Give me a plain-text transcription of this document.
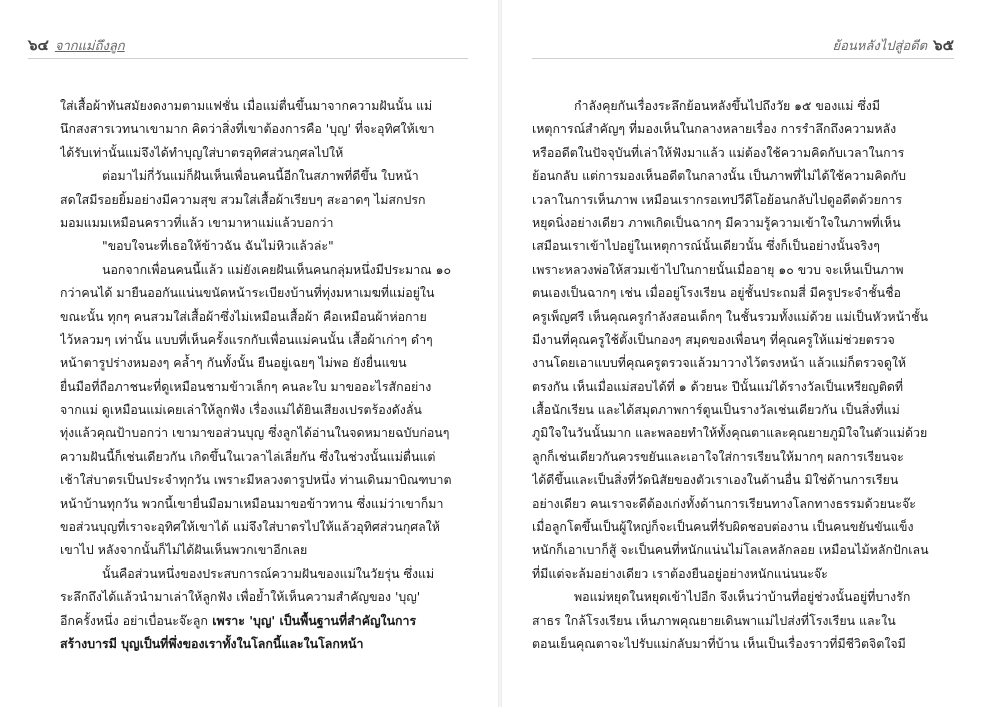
๖๔ จากแม่ถึงลูก
ใส่เสื้อผ้าทันสมัยงดงามตามแฟชั่น เมื่อแม่ตื่นขึ้นมาจากความฝันนั้น แม่
นึกสงสารเวทนาเขามาก คิดว่าสิ่งที่เขาต้องการคือ 'บุญ' ที่จะอุทิศให้เขา
ได้รับเท่านั้นแม่จึงได้ทำบุญใส่บาตรอุทิศส่วนกุศลไปให้
ต่อมาไม่กี่วันแม่ก็ฝันเห็นเพื่อนคนนี้อีกในสภาพที่ดีขึ้น ใบหน้า
สดใสมีรอยยิ้มอย่างมีความสุข สวมใส่เสื้อผ้าเรียบๆ สะอาดๆ ไม่สกปรก
มอมแมมเหมือนคราวที่แล้ว เขามาหาแม่แล้วบอกว่า
"ขอบใจนะที่เธอให้ข้าวฉัน ฉันไม่หิวแล้วล่ะ"
นอกจากเพื่อนคนนี้แล้ว แม่ยังเคยฝันเห็นคนกลุ่มหนึ่งมีประมาณ ๑๐
กว่าคนได้ มายืนออกันแน่นขนัดหน้าระเบียงบ้านที่ทุ่งมหาเมฆที่แม่อยู่ใน
ขณะนั้น ทุกๆ คนสวมใส่เสื้อผ้าซึ่งไม่เหมือนเสื้อผ้า คือเหมือนผ้าห่อกาย
ไว้หลวมๆ เท่านั้น แบบที่เห็นครั้งแรกกับเพื่อนแม่คนนั้น เสื้อผ้าเก่าๆ ดำๆ
หน้าตารูปร่างหมองๆ คล้ำๆ กันทั้งนั้น ยืนอยู่เฉยๆ ไม่พอ ยังยื่นแขน
ยื่นมือที่ถือภาชนะที่ดูเหมือนชามข้าวเล็กๆ คนละใบ มาขออะไรสักอย่าง
จากแม่ ดูเหมือนแม่เคยเล่าให้ลูกฟัง เรื่องแม่ได้ยินเสียงเปรตร้องดังลั่น
ทุ่งแล้วคุณป้าบอกว่า เขามาขอส่วนบุญ ซึ่งลูกได้อ่านในจดหมายฉบับก่อนๆ
ความฝันนี้ก็เช่นเดียวกัน เกิดขึ้นในเวลาไล่เลี่ยกัน ซึ่งในช่วงนั้นแม่ตื่นแต่
เช้าใส่บาตรเป็นประจำทุกวัน เพราะมีหลวงตารูปหนึ่ง ท่านเดินมาบิณฑบาต
หน้าบ้านทุกวัน พวกนี้เขายื่นมือมาเหมือนมาขอข้าวทาน ซึ่งแม่ว่าเขาก็มา
ขอส่วนบุญที่เราจะอุทิศให้เขาได้ แม่จึงใส่บาตรไปให้แล้วอุทิศส่วนกุศลให้
เขาไป หลังจากนั้นก็ไม่ได้ฝันเห็นพวกเขาอีกเลย
นั้นคือส่วนหนึ่งของประสบการณ์ความฝันของแม่ในวัยรุ่น ซึ่งแม่
ระลึกถึงได้แล้วนำมาเล่าให้ลูกฟัง เพื่อย้ำให้เห็นความสำคัญของ 'บุญ'
อีกครั้งหนึ่ง อย่าเบื่อนะจ๊ะลูก เพราะ 'บุญ' เป็นพื้นฐานที่สำคัญในการ
สร้างบารมี บุญเป็นที่พึ่งของเราทั้งในโลกนี้และในโลกหน้า
ย้อนหลังไปสู่อดีต ๖๕
กำลังคุยกันเรื่องระลึกย้อนหลังขึ้นไปถึงวัย ๑๕ ของแม่ ซึ่งมี
เหตุการณ์สำคัญๆ ที่มองเห็นในกลางหลายเรื่อง การรำลึกถึงความหลัง
หรืออดีตในปัจจุบันที่เล่าให้ฟังมาแล้ว แม่ต้องใช้ความคิดกับเวลาในการ
ย้อนกลับ แต่การมองเห็นอดีตในกลางนั้น เป็นภาพที่ไม่ได้ใช้ความคิดกับ
เวลาในการเห็นภาพ เหมือนเรากรอเทปวีดีโอย้อนกลับไปดูอดีตด้วยการ
หยุดนิ่งอย่างเดียว ภาพเกิดเป็นฉากๆ มีความรู้ความเข้าใจในภาพที่เห็น
เสมือนเราเข้าไปอยู่ในเหตุการณ์นั้นเดียวนั้น ซึ่งก็เป็นอย่างนั้นจริงๆ
เพราะหลวงพ่อให้สวมเข้าไปในกายนั้นเมื่ออายุ ๑๐ ขวบ จะเห็นเป็นภาพ
ตนเองเป็นฉากๆ เช่น เมื่ออยู่โรงเรียน อยู่ชั้นประถมสี่ มีครูประจำชั้นชื่อ
ครูเพ็ญศรี เห็นคุณครูกำลังสอนเด็กๆ ในชั้นรวมทั้งแม่ด้วย แม่เป็นหัวหน้าชั้น
มีงานที่คุณครูใช้ตั้งเป็นกองๆ สมุดของเพื่อนๆ ที่คุณครูให้แม่ช่วยตรวจ
งานโดยเอาแบบที่คุณครูตรวจแล้วมาวางไว้ตรงหน้า แล้วแม่ก็ตรวจดูให้
ตรงกัน เห็นเมื่อแม่สอบได้ที่ ๑ ด้วยนะ ปีนั้นแม่ได้รางวัลเป็นเหรียญติดที่
เสื้อนักเรียน และได้สมุดภาพการ์ตูนเป็นรางวัลเช่นเดียวกัน เป็นสิ่งที่แม่
ภูมิใจในวันนั้นมาก และพลอยทำให้ทั้งคุณตาและคุณยายภูมิใจในตัวแม่ด้วย
ลูกก็เช่นเดียวกันควรขยันและเอาใจใส่การเรียนให้มากๆ ผลการเรียนจะ
ได้ดีขึ้นและเป็นสิ่งที่วัดนิสัยของตัวเราเองในด้านอื่น มิใช่ด้านการเรียน
อย่างเดียว คนเราจะดีต้องเก่งทั้งด้านการเรียนทางโลกทางธรรมด้วยนะจ๊ะ
เมื่อลูกโตขึ้นเป็นผู้ใหญ่ก็จะเป็นคนที่รับผิดชอบต่องาน เป็นคนขยันขันแข็ง
หนักก็เอาเบาก็สู้ จะเป็นคนที่หนักแน่นไม่โลเลหลักลอย เหมือนไม้หลักปักเลน
ที่มีแต่จะล้มอย่างเดียว เราต้องยืนอยู่อย่างหนักแน่นนะจ๊ะ
พอแม่หยุดในหยุดเข้าไปอีก จึงเห็นว่าบ้านที่อยู่ช่วงนั้นอยู่ที่บางรัก
สาธร ใกล้โรงเรียน เห็นภาพคุณยายเดินพาแม่ไปส่งที่โรงเรียน และใน
ตอนเย็นคุณตาจะไปรับแม่กลับมาที่บ้าน เห็นเป็นเรื่องราวที่มีชีวิตจิตใจมี
